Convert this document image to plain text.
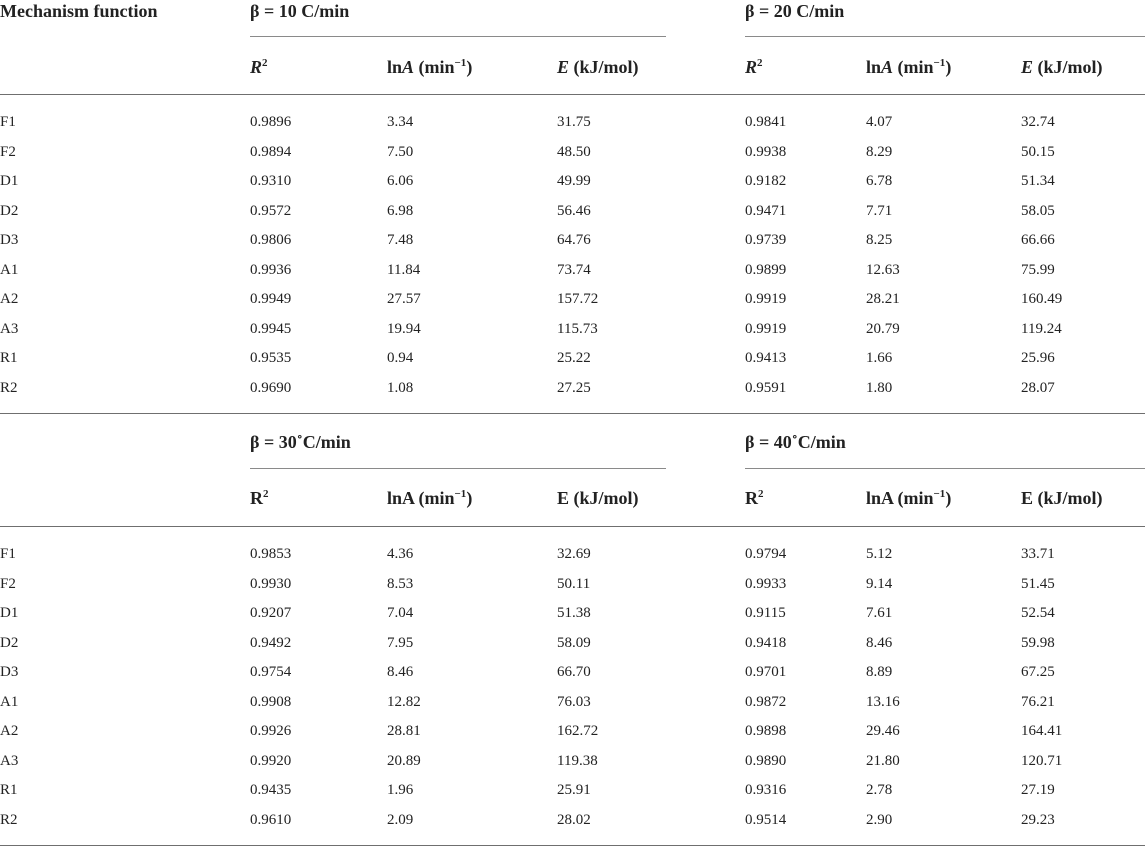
Mechanism function	β = 10 C/min	β = 20 C/min
$R^2$	lnA $(\min^{-1})$	E (kJ/mol)	$R^2$	lnA $(\min^{-1})$	E (kJ/mol)
F1	0.9896	3.34	31.75	0.9841	4.07	32.74
F2	0.9894	7.50	48.50	0.9938	8.29	50.15
D1	0.9310	6.06	49.99	0.9182	6.78	51.34
D2	0.9572	6.98	56.46	0.9471	7.71	58.05
D3	0.9806	7.48	64.76	0.9739	8.25	66.66
A1	0.9936	11.84	73.74	0.9899	12.63	75.99
A2	0.9949	27.57	157.72	0.9919	28.21	160.49
A3	0.9945	19.94	115.73	0.9919	20.79	119.24
R1	0.9535	0.94	25.22	0.9413	1.66	25.96
R2	0.9690	1.08	27.25	0.9591	1.80	28.07
β = 30˚C/min	β = 40˚C/min
$R^2$	lnA $(\min^{-1})$	E (kJ/mol)	$R^2$	lnA $(\min^{-1})$	E (kJ/mol)
F1	0.9853	4.36	32.69	0.9794	5.12	33.71
F2	0.9930	8.53	50.11	0.9933	9.14	51.45
D1	0.9207	7.04	51.38	0.9115	7.61	52.54
D2	0.9492	7.95	58.09	0.9418	8.46	59.98
D3	0.9754	8.46	66.70	0.9701	8.89	67.25
A1	0.9908	12.82	76.03	0.9872	13.16	76.21
A2	0.9926	28.81	162.72	0.9898	29.46	164.41
A3	0.9920	20.89	119.38	0.9890	21.80	120.71
R1	0.9435	1.96	25.91	0.9316	2.78	27.19
R2	0.9610	2.09	28.02	0.9514	2.90	29.23
